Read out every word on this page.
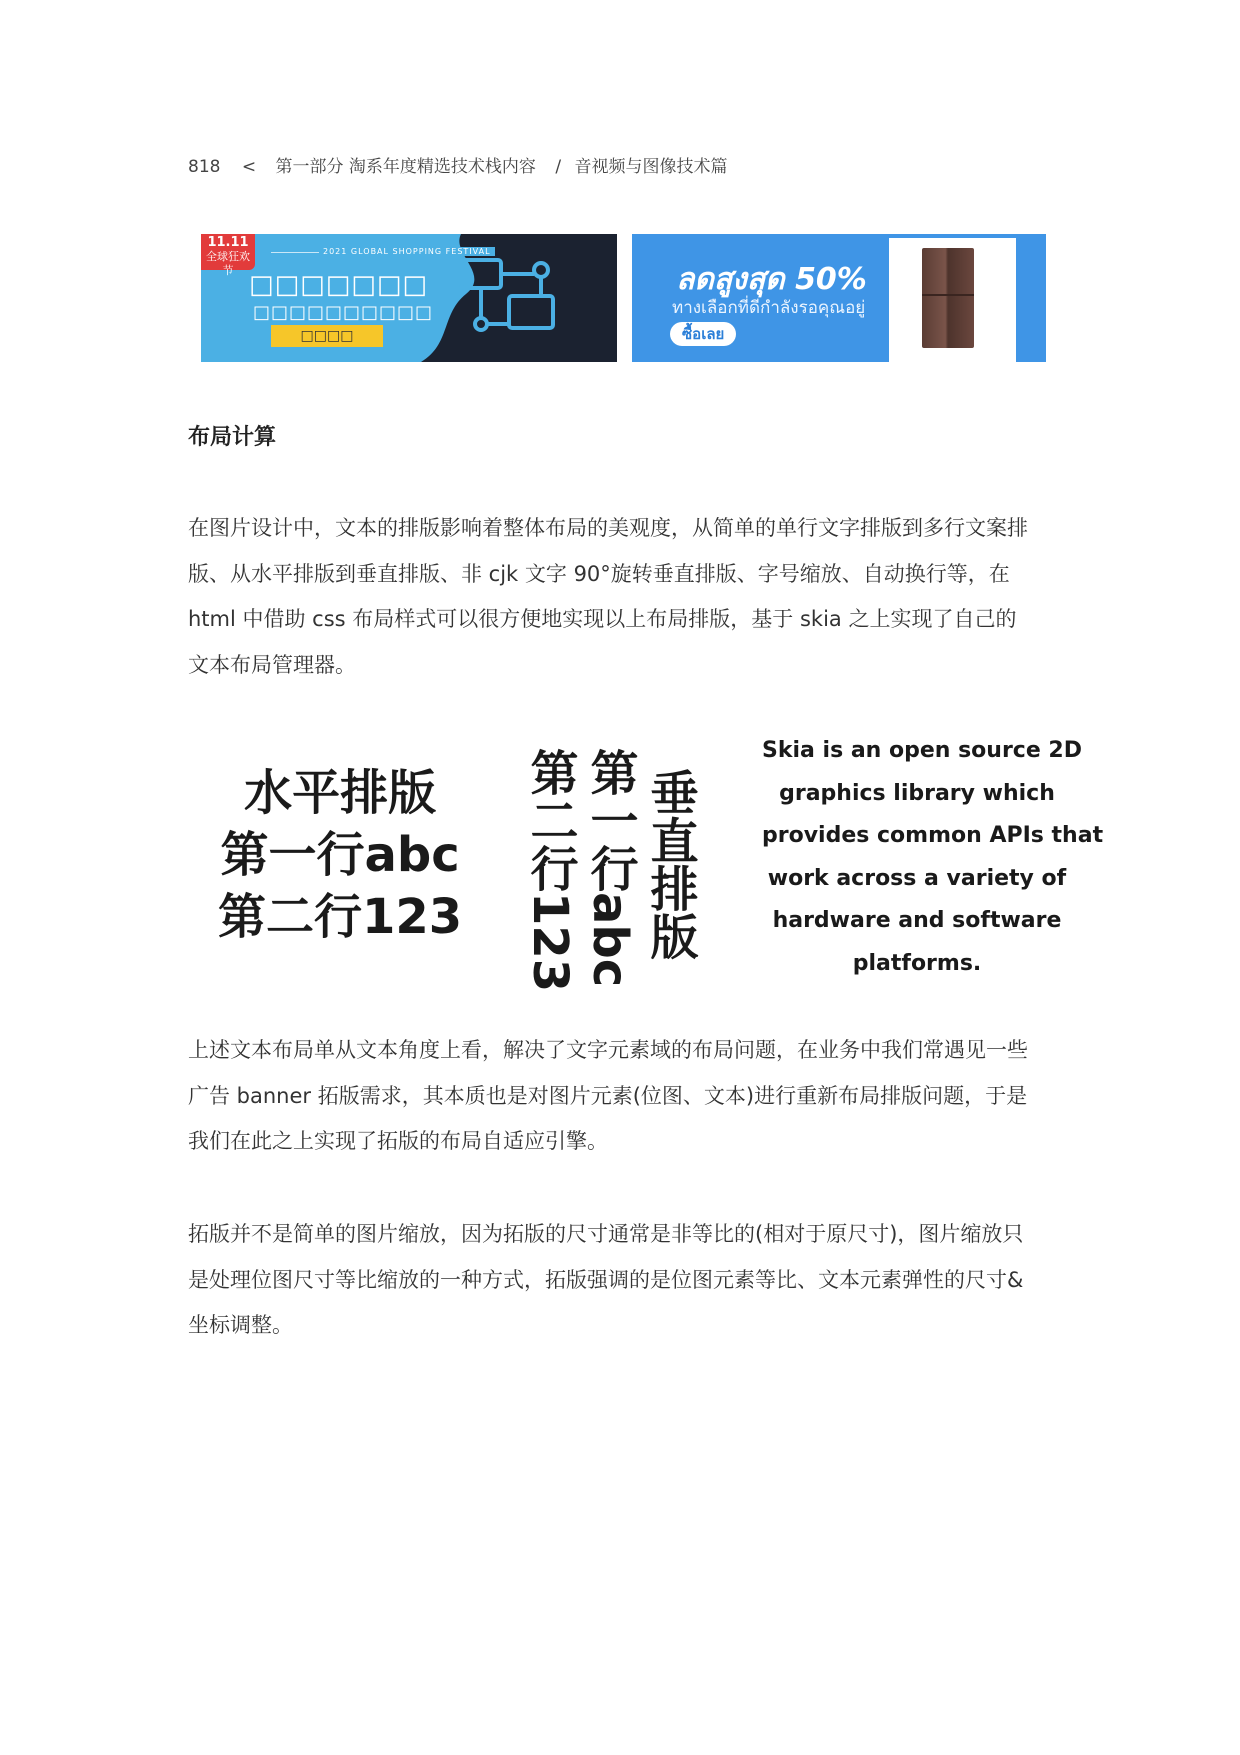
818 < 第一部分 淘系年度精选技术栈内容 / 音视频与图像技术篇
11.11
全球狂欢节
2021 GLOBAL SHOPPING FESTIVAL
□□□□□□□
□□□□□□□□□□
□□□□
ลดสูงสุด 50%
ทางเลือกที่ดีกำลังรอคุณอยู่
ซื้อเลย
布局计算

在图片设计中，文本的排版影响着整体布局的美观度，从简单的单行文字排版到多行文案排
版、从水平排版到垂直排版、非 cjk 文字 90°旋转垂直排版、字号缩放、自动换行等，在
html 中借助 css 布局样式可以很方便地实现以上布局排版，基于 skia 之上实现了自己的
文本布局管理器。

水平排版
第一行abc
第二行123 第二行123 第一行abc 垂直排版
Skia is an open source 2D
graphics library which
provides common APIs that
work across a variety of
hardware and software
platforms.

上述文本布局单从文本角度上看，解决了文字元素域的布局问题，在业务中我们常遇见一些
广告 banner 拓版需求，其本质也是对图片元素(位图、文本)进行重新布局排版问题，于是
我们在此之上实现了拓版的布局自适应引擎。

拓版并不是简单的图片缩放，因为拓版的尺寸通常是非等比的(相对于原尺寸)，图片缩放只
是处理位图尺寸等比缩放的一种方式，拓版强调的是位图元素等比、文本元素弹性的尺寸&
坐标调整。
